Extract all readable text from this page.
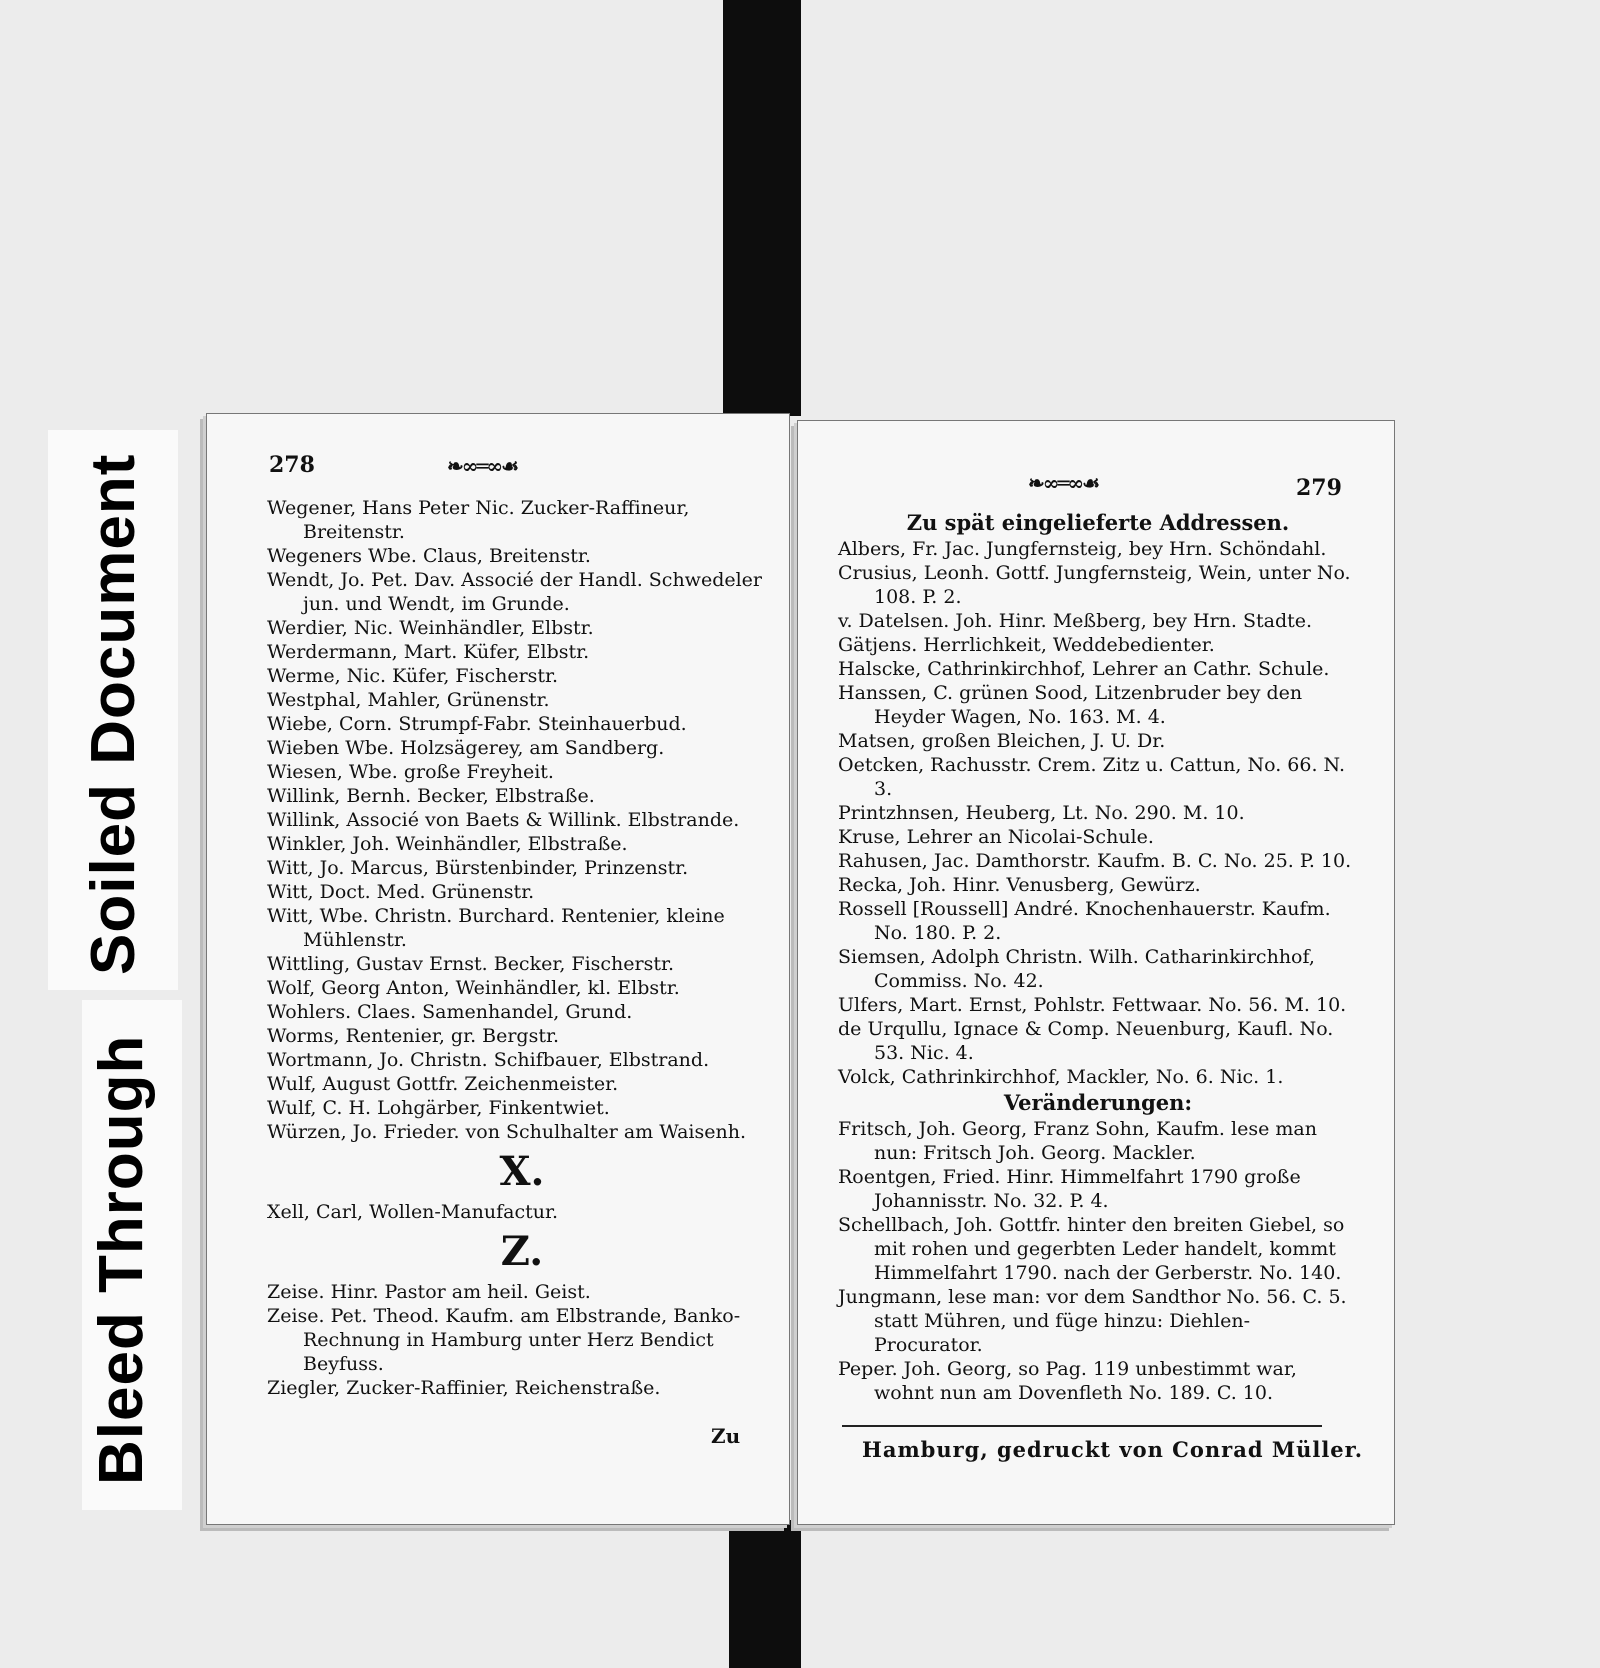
Soiled Document
Bleed Through
278	❧∞═∞☙

Wegener, Hans Peter Nic. Zucker-Raffineur, Breitenstr.

Wegeners Wbe. Claus, Breitenstr.

Wendt, Jo. Pet. Dav. Associé der Handl. Schwedeler jun. und Wendt, im Grunde.

Werdier, Nic. Weinhändler, Elbstr.

Werdermann, Mart. Küfer, Elbstr.

Werme, Nic. Küfer, Fischerstr.

Westphal, Mahler, Grünenstr.

Wiebe, Corn. Strumpf-Fabr. Steinhauerbud.

Wieben Wbe. Holzsägerey, am Sandberg.

Wiesen, Wbe. große Freyheit.

Willink, Bernh. Becker, Elbstraße.

Willink, Associé von Baets & Willink. Elbstrande.

Winkler, Joh. Weinhändler, Elbstraße.

Witt, Jo. Marcus, Bürstenbinder, Prinzenstr.

Witt, Doct. Med. Grünenstr.

Witt, Wbe. Christn. Burchard. Rentenier, kleine Mühlenstr.

Wittling, Gustav Ernst. Becker, Fischerstr.

Wolf, Georg Anton, Weinhändler, kl. Elbstr.

Wohlers. Claes. Samenhandel, Grund.

Worms, Rentenier, gr. Bergstr.

Wortmann, Jo. Christn. Schifbauer, Elbstrand.

Wulf, August Gottfr. Zeichenmeister.

Wulf, C. H. Lohgärber, Finkentwiet.

Würzen, Jo. Frieder. von Schulhalter am Waisenh.

X.

Xell, Carl, Wollen-Manufactur.

Z.

Zeise. Hinr. Pastor am heil. Geist.

Zeise. Pet. Theod. Kaufm. am Elbstrande, Banko-Rechnung in Hamburg unter Herz Bendict Beyfuss.

Ziegler, Zucker-Raffinier, Reichenstraße.

Zu
❧∞═∞☙	279
Zu spät eingelieferte Addressen.

Albers, Fr. Jac. Jungfernsteig, bey Hrn. Schöndahl.

Crusius, Leonh. Gottf. Jungfernsteig, Wein, unter No. 108. P. 2.

v. Datelsen. Joh. Hinr. Meßberg, bey Hrn. Stadte.

Gätjens. Herrlichkeit, Weddebedienter.

Halscke, Cathrinkirchhof, Lehrer an Cathr. Schule.

Hanssen, C. grünen Sood, Litzenbruder bey den Heyder Wagen, No. 163. M. 4.

Matsen, großen Bleichen, J. U. Dr.

Oetcken, Rachusstr. Crem. Zitz u. Cattun, No. 66. N. 3.

Printzhnsen, Heuberg, Lt. No. 290. M. 10.

Kruse, Lehrer an Nicolai-Schule.

Rahusen, Jac. Damthorstr. Kaufm. B. C. No. 25. P. 10.

Recka, Joh. Hinr. Venusberg, Gewürz.

Rossell [Roussell] André. Knochenhauerstr. Kaufm. No. 180. P. 2.

Siemsen, Adolph Christn. Wilh. Catharinkirchhof, Commiss. No. 42.

Ulfers, Mart. Ernst, Pohlstr. Fettwaar. No. 56. M. 10.

de Urqullu, Ignace & Comp. Neuenburg, Kaufl. No. 53. Nic. 4.

Volck, Cathrinkirchhof, Mackler, No. 6. Nic. 1.

Veränderungen:

Fritsch, Joh. Georg, Franz Sohn, Kaufm. lese man nun: Fritsch Joh. Georg. Mackler.

Roentgen, Fried. Hinr. Himmelfahrt 1790 große Johannisstr. No. 32. P. 4.

Schellbach, Joh. Gottfr. hinter den breiten Giebel, so mit rohen und gegerbten Leder handelt, kommt Himmelfahrt 1790. nach der Gerberstr. No. 140.

Jungmann, lese man: vor dem Sandthor No. 56. C. 5. statt Mühren, und füge hinzu: Diehlen-Procurator.

Peper. Joh. Georg, so Pag. 119 unbestimmt war, wohnt nun am Dovenfleth No. 189. C. 10.

Hamburg, gedruckt von Conrad Müller.
